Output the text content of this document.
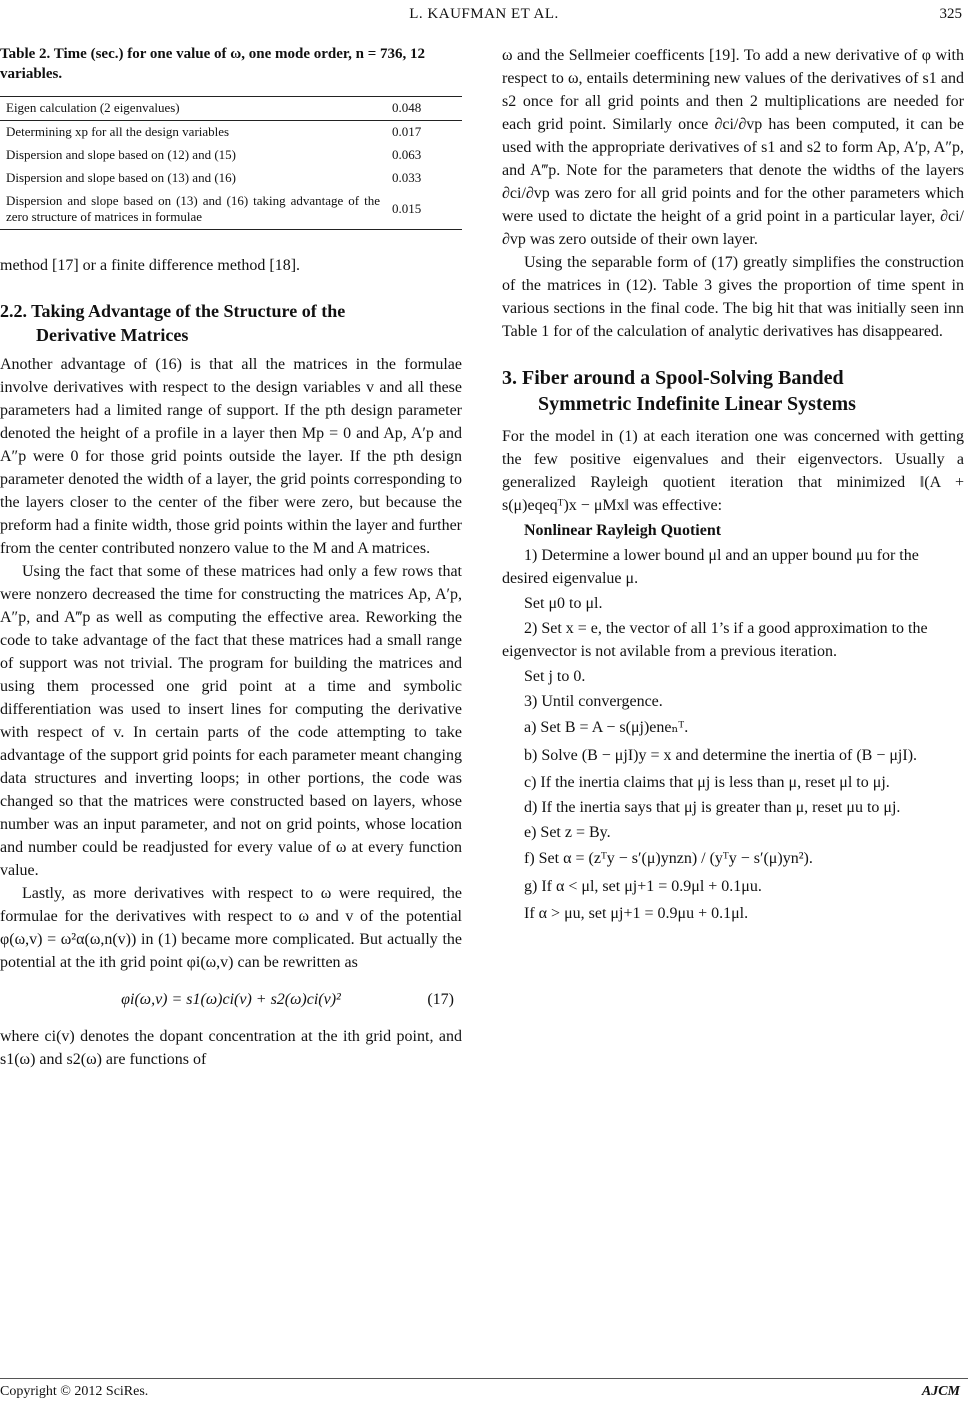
L. KAUFMAN ET AL.	325

Table 2. Time (sec.) for one value of ω, one mode order, n = 736, 12 variables.

Eigen calculation (2 eigenvalues)	0.048
Determining xp for all the design variables	0.017
Dispersion and slope based on (12) and (15)	0.063
Dispersion and slope based on (13) and (16)	0.033
Dispersion and slope based on (13) and (16) taking advantage of the zero structure of matrices in formulae	0.015

method [17] or a finite difference method [18].

2.2. Taking Advantage of the Structure of the
Derivative Matrices

Another advantage of (16) is that all the matrices in the formulae involve derivatives with respect to the design variables v and all these parameters had a limited range of support. If the pth design parameter denoted the height of a profile in a layer then Mp = 0 and Ap, A′p and A″p were 0 for those grid points outside the layer. If the pth design parameter denoted the width of a layer, the grid points corresponding to the layers closer to the center of the fiber were zero, but because the preform had a finite width, those grid points within the layer and further from the center contributed nonzero value to the M and A matrices.

Using the fact that some of these matrices had only a few rows that were nonzero decreased the time for constructing the matrices Ap, A′p, A″p, and A‴p as well as computing the effective area. Reworking the code to take advantage of the fact that these matrices had a small range of support was not trivial. The program for building the matrices and using them processed one grid point at a time and symbolic differentiation was used to insert lines for computing the derivative with respect of v. In certain parts of the code attempting to take advantage of the support grid points for each parameter meant changing data structures and inverting loops; in other portions, the code was changed so that the matrices were constructed based on layers, whose number was an input parameter, and not on grid points, whose location and number could be readjusted for every value of ω at every function value.

Lastly, as more derivatives with respect to ω were required, the formulae for the derivatives with respect to ω and v of the potential φ(ω,v) = ω²α(ω,n(v)) in (1) became more complicated. But actually the potential at the ith grid point φi(ω,v) can be rewritten as

φi(ω,v) = s1(ω)ci(v) + s2(ω)ci(v)²	(17)

where ci(v) denotes the dopant concentration at the ith grid point, and s1(ω) and s2(ω) are functions of

ω and the Sellmeier coefficents [19]. To add a new derivative of φ with respect to ω, entails determining new values of the derivatives of s1 and s2 once for all grid points and then 2 multiplications are needed for each grid point. Similarly once ∂ci/∂vp has been computed, it can be used with the appropriate derivatives of s1 and s2 to form Ap, A′p, A″p, and A‴p. Note for the parameters that denote the widths of the layers ∂ci/∂vp was zero for all grid points and for the other parameters which were used to dictate the height of a grid point in a particular layer, ∂ci/∂vp was zero outside of their own layer.

Using the separable form of (17) greatly simplifies the construction of the matrices in (12). Table 3 gives the proportion of time spent in various sections in the final code. The big hit that was initially seen inn Table 1 for of the calculation of analytic derivatives has disappeared.

3. Fiber around a Spool-Solving Banded
Symmetric Indefinite Linear Systems

For the model in (1) at each iteration one was concerned with getting the few positive eigenvalues and their eigenvectors. Usually a generalized Rayleigh quotient iteration that minimized ‖(A + s(μ)eqeqᵀ)x − μMx‖ was effective:

Nonlinear Rayleigh Quotient

1) Determine a lower bound μl and an upper bound μu for the desired eigenvalue μ.

Set μ0 to μl.

2) Set x = e, the vector of all 1’s if a good approximation to the eigenvector is not avilable from a previous iteration.

Set j to 0.

3) Until convergence.

a) Set B = A − s(μj)eneₙᵀ.

b) Solve (B − μjI)y = x and determine the inertia of (B − μjI).

c) If the inertia claims that μj is less than μ, reset μl to μj.

d) If the inertia says that μj is greater than μ, reset μu to μj.

e) Set z = By.

f) Set α = (zᵀy − s′(μ)ynzn) / (yᵀy − s′(μ)yn²).

g) If α < μl, set μj+1 = 0.9μl + 0.1μu.

If α > μu, set μj+1 = 0.9μu + 0.1μl.

Copyright © 2012 SciRes.	AJCM
